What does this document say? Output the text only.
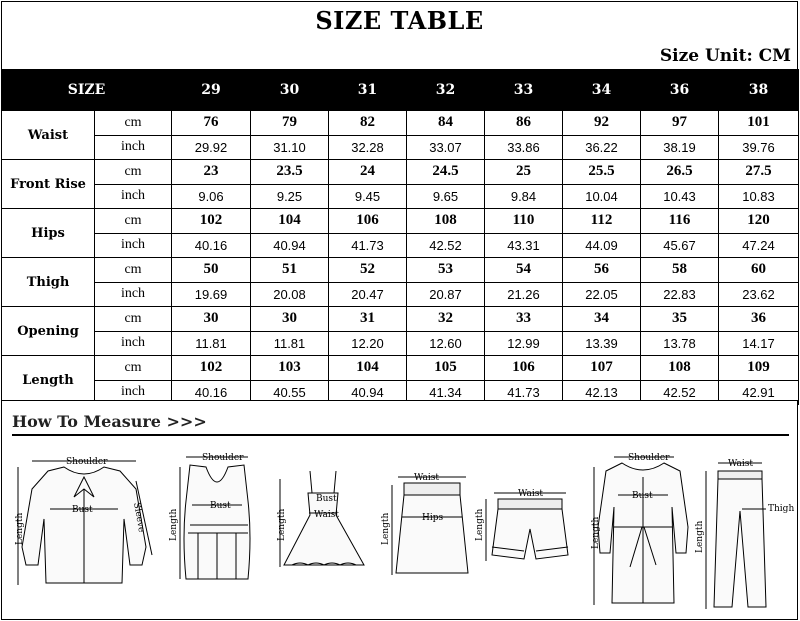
SIZE TABLE
Size Unit: CM
SIZE		29	30	31	32	33	34	36	38
Waist	cm	76	79	82	84	86	92	97	101
	inch	29.92	31.10	32.28	33.07	33.86	36.22	38.19	39.76
Front Rise	cm	23	23.5	24	24.5	25	25.5	26.5	27.5
	inch	9.06	9.25	9.45	9.65	9.84	10.04	10.43	10.83
Hips	cm	102	104	106	108	110	112	116	120
	inch	40.16	40.94	41.73	42.52	43.31	44.09	45.67	47.24
Thigh	cm	50	51	52	53	54	56	58	60
	inch	19.69	20.08	20.47	20.87	21.26	22.05	22.83	23.62
Opening	cm	30	30	31	32	33	34	35	36
	inch	11.81	11.81	12.20	12.60	12.99	13.39	13.78	14.17
Length	cm	102	103	104	105	106	107	108	109
	inch	40.16	40.55	40.94	41.34	41.73	42.13	42.52	42.91
How To Measure >>>
Shoulder
Bust
Length	Sleeve
Shoulder
Bust
Length
Bust
Waist
Length
Waist
Hips
Length
Waist
Length
Shoulder
Bust
Length
Waist
Thigh
Length
